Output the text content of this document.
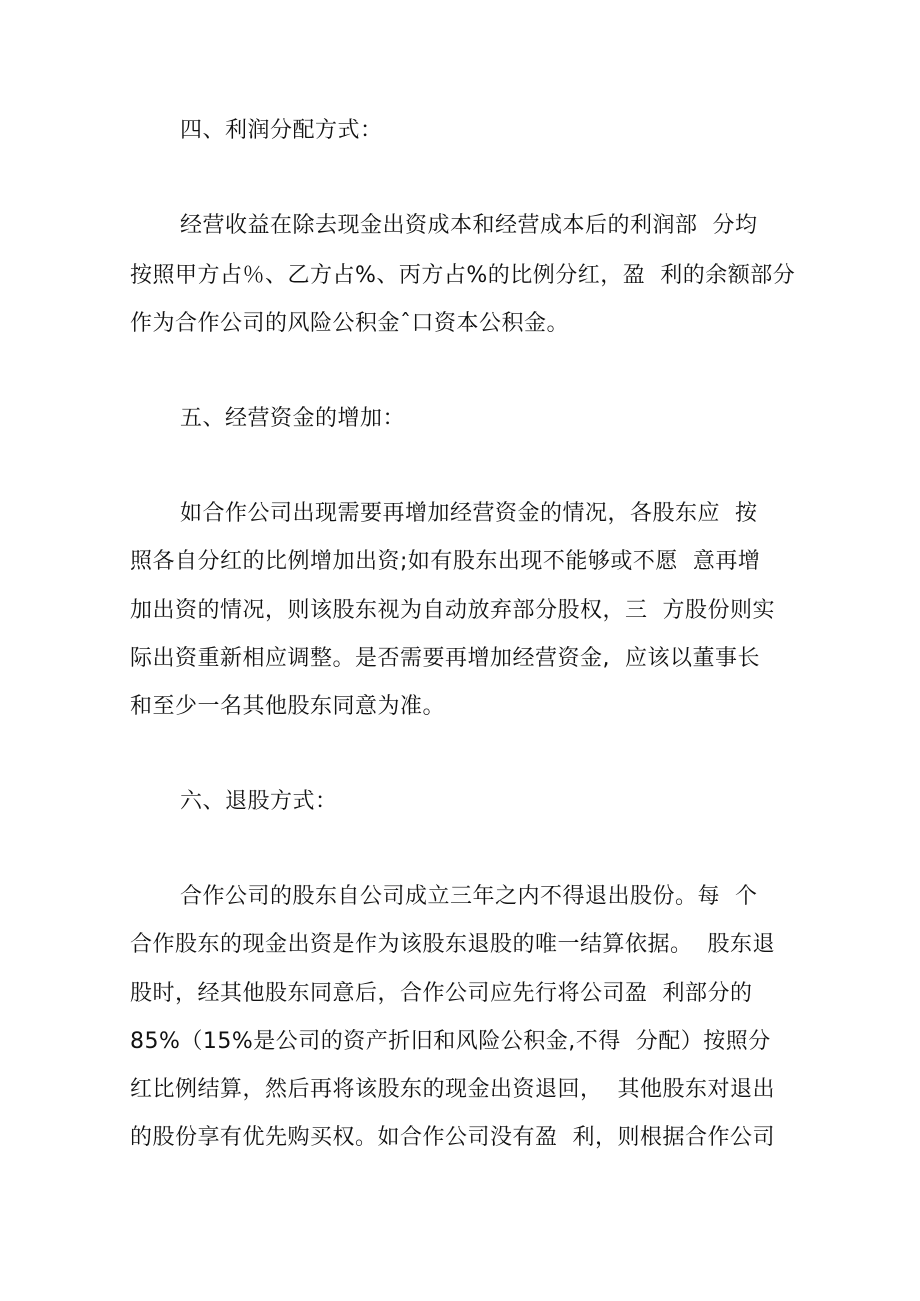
四、利润分配方式：
经营收益在除去现金出资成本和经营成本后的利润部  分均
按照甲方占％、乙方占%、丙方占%的比例分红，盈  利的余额部分
作为合作公司的风险公积金ˆ口资本公积金。
五、经营资金的增加：
如合作公司出现需要再增加经营资金的情况，各股东应  按
照各自分红的比例增加出资;如有股东出现不能够或不愿  意再增
加出资的情况，则该股东视为自动放弃部分股权，三  方股份则实
际出资重新相应调整。是否需要再增加经营资金,  应该以董事长
和至少一名其他股东同意为准。
六、退股方式：
合作公司的股东自公司成立三年之内不得退出股份。每  个
合作股东的现金出资是作为该股东退股的唯一结算依据。  股东退
股时，经其他股东同意后，合作公司应先行将公司盈  利部分的
85%（15%是公司的资产折旧和风险公积金,不得  分配）按照分
红比例结算，然后再将该股东的现金出资退回，  其他股东对退出
的股份享有优先购买权。如合作公司没有盈  利，则根据合作公司
